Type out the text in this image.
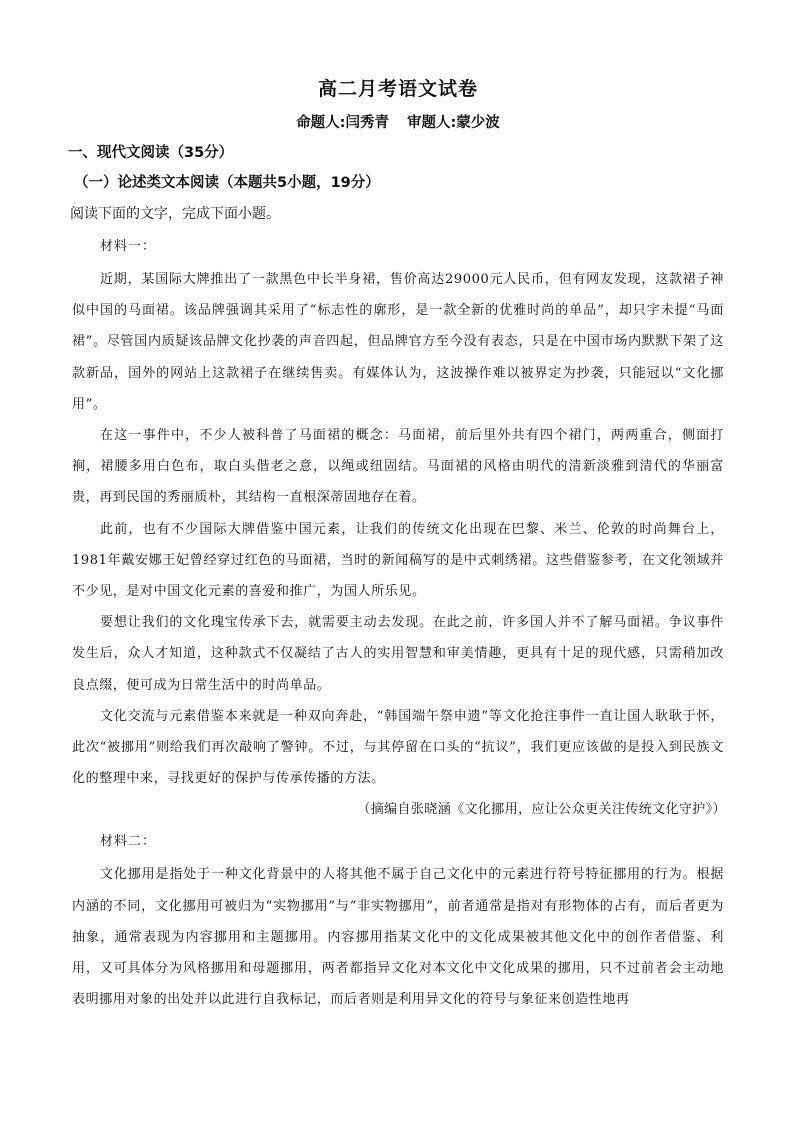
高二月考语文试卷
命题人:闫秀青 审题人:蒙少波
一、现代文阅读（35分）
（一）论述类文本阅读（本题共5小题，19分）
阅读下面的文字，完成下面小题。
材料一：

近期，某国际大牌推出了一款黑色中长半身裙，售价高达29000元人民币，但有网友发现，这款裙子神似中国的马面裙。该品牌强调其采用了“标志性的廓形，是一款全新的优雅时尚的单品”，却只字未提“马面裙”。尽管国内质疑该品牌文化抄袭的声音四起，但品牌官方至今没有表态，只是在中国市场内默默下架了这款新品，国外的网站上这款裙子在继续售卖。有媒体认为，这波操作难以被界定为抄袭，只能冠以“文化挪用”。

在这一事件中，不少人被科普了马面裙的概念：马面裙，前后里外共有四个裙门，两两重合，侧面打裥，裙腰多用白色布，取白头偕老之意，以绳或纽固结。马面裙的风格由明代的清新淡雅到清代的华丽富贵，再到民国的秀丽质朴，其结构一直根深蒂固地存在着。

此前，也有不少国际大牌借鉴中国元素，让我们的传统文化出现在巴黎、米兰、伦敦的时尚舞台上，1981年戴安娜王妃曾经穿过红色的马面裙，当时的新闻稿写的是中式刺绣裙。这些借鉴参考，在文化领域并不少见，是对中国文化元素的喜爱和推广，为国人所乐见。

要想让我们的文化瑰宝传承下去，就需要主动去发现。在此之前，许多国人并不了解马面裙。争议事件发生后，众人才知道，这种款式不仅凝结了古人的实用智慧和审美情趣，更具有十足的现代感，只需稍加改良点缀，便可成为日常生活中的时尚单品。

文化交流与元素借鉴本来就是一种双向奔赴，“韩国端午祭申遗”等文化抢注事件一直让国人耿耿于怀，此次“被挪用”则给我们再次敲响了警钟。不过，与其停留在口头的“抗议”，我们更应该做的是投入到民族文化的整理中来，寻找更好的保护与传承传播的方法。

（摘编自张晓涵《文化挪用，应让公众更关注传统文化守护》）
材料二：

文化挪用是指处于一种文化背景中的人将其他不属于自己文化中的元素进行符号特征挪用的行为。根据内涵的不同，文化挪用可被归为“实物挪用”与“非实物挪用”，前者通常是指对有形物体的占有，而后者更为抽象，通常表现为内容挪用和主题挪用。内容挪用指某文化中的文化成果被其他文化中的创作者借鉴、利用，又可具体分为风格挪用和母题挪用，两者都指异文化对本文化中文化成果的挪用，只不过前者会主动地表明挪用对象的出处并以此进行自我标记，而后者则是利用异文化的符号与象征来创造性地再
